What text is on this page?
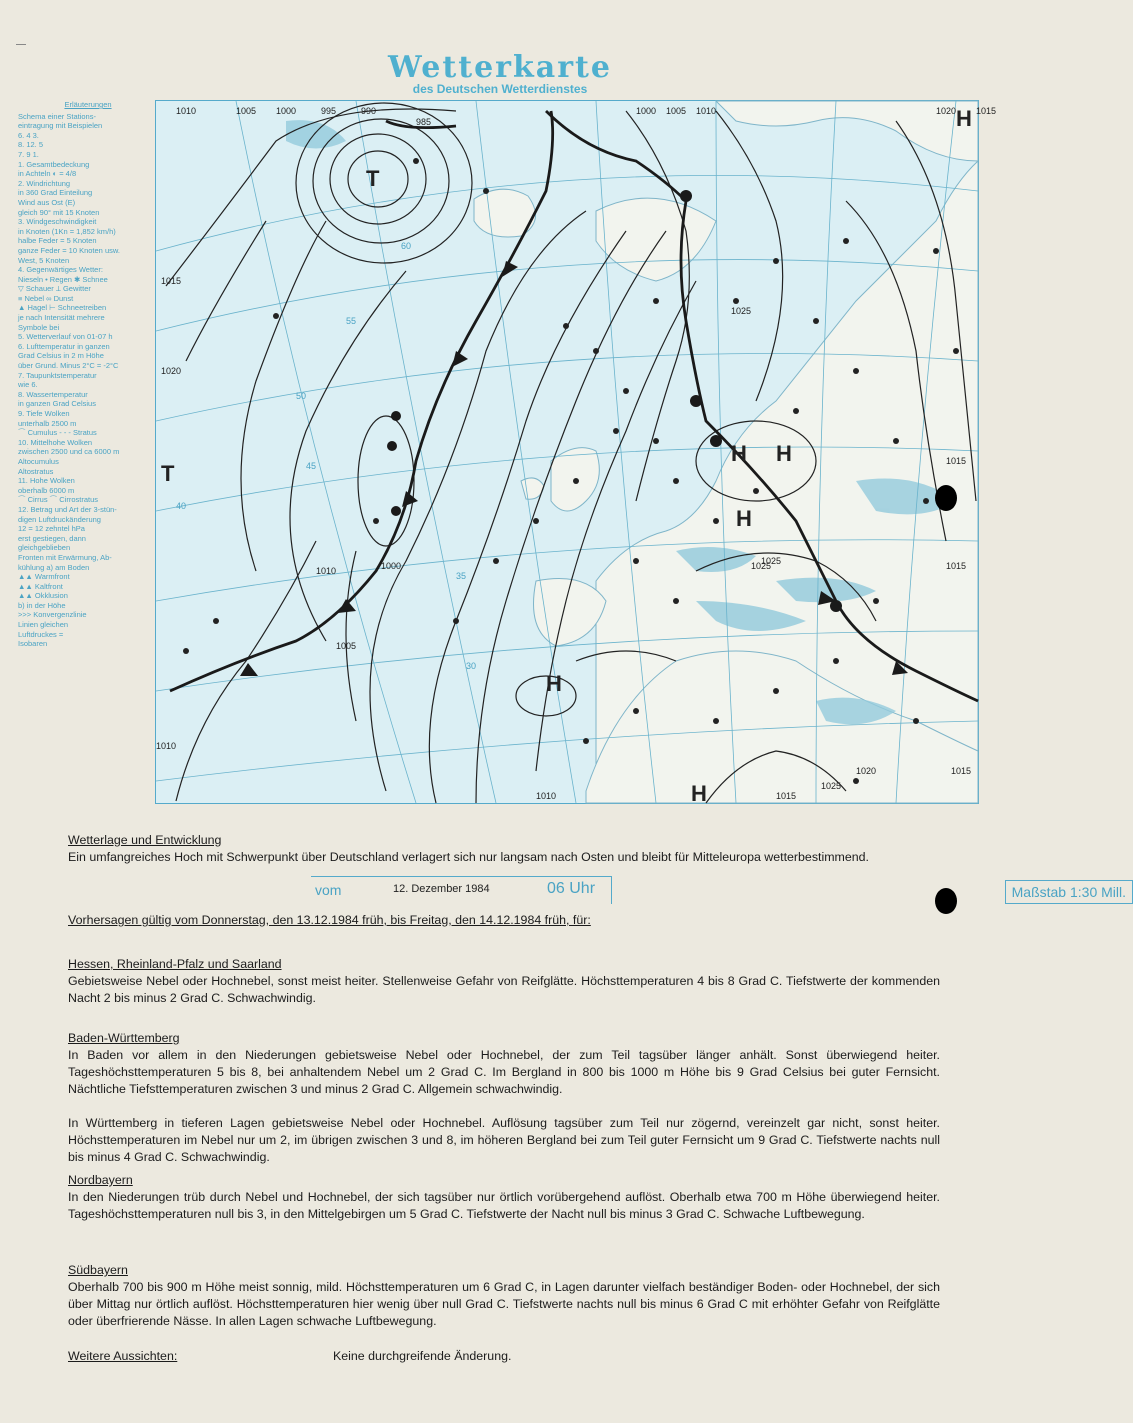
Wetterkarte
des Deutschen Wetterdienstes
Erläuterungen
Schema einer Stations-
eintragung mit Beispielen
6. 4 3.
8. 12. 5
7. 9 1.
1. Gesamtbedeckung
in Achteln ◐ = 4/8
2. Windrichtung
in 360 Grad Einteilung
Wind aus Ost (E)
gleich 90° mit 15 Knoten
3. Windgeschwindigkeit
in Knoten (1Kn = 1,852 km/h)
halbe Feder = 5 Knoten
ganze Feder = 10 Knoten usw.
West, 5 Knoten
4. Gegenwärtiges Wetter:
Nieseln • Regen ✱ Schnee
▽ Schauer ⟂ Gewitter
≡ Nebel ∞ Dunst
▲ Hagel ⊢ Schneetreiben
je nach Intensität mehrere
Symbole bei
5. Wetterverlauf von 01-07 h
6. Lufttemperatur in ganzen
Grad Celsius in 2 m Höhe
über Grund. Minus 2°C = -2°C
7. Taupunktstemperatur
wie 6.
8. Wassertemperatur
in ganzen Grad Celsius
9. Tiefe Wolken
unterhalb 2500 m
⌒ Cumulus - - - Stratus
10. Mittelhohe Wolken
zwischen 2500 und ca 6000 m
Altocumulus
Altostratus
11. Hohe Wolken
oberhalb 6000 m
⌒ Cirrus ⌒ Cirrostratus
12. Betrag und Art der 3-stün-
digen Luftdruckänderung
12 = 12 zehntel hPa
erst gestiegen, dann
gleichgeblieben
Fronten mit Erwärmung, Ab-
kühlung a) am Boden
▲▲ Warmfront
▲▲ Kaltfront
▲▲ Okklusion
b) in der Höhe
>>> Konvergenzlinie
Linien gleichen
Luftdruckes =
Isobaren
1010	1005 1000	995	990
985
1000 1005 1010	1015
1015
1020
1025
1025
1025
1020
1015
1015
1010
1005
1000
1010
1015
1020
1025
1015
1010
T
H
H
H
H
H
H
T
60
55
50
45
40
35
30
vom	12. Dezember 1984	06 Uhr	Maßstab 1:30 Mill.

Wetterlage und Entwicklung

Ein umfangreiches Hoch mit Schwerpunkt über Deutschland verlagert sich nur langsam nach Osten und bleibt für Mitteleuropa wetterbestimmend.

Vorhersagen gültig vom Donnerstag, den 13.12.1984 früh, bis Freitag, den 14.12.1984 früh, für:

Hessen, Rheinland-Pfalz und Saarland

Gebietsweise Nebel oder Hochnebel, sonst meist heiter. Stellenweise Gefahr von Reifglätte. Höchsttemperaturen 4 bis 8 Grad C. Tiefstwerte der kommenden Nacht 2 bis minus 2 Grad C. Schwachwindig.

Baden-Württemberg

In Baden vor allem in den Niederungen gebietsweise Nebel oder Hochnebel, der zum Teil tagsüber länger anhält. Sonst überwiegend heiter. Tageshöchsttemperaturen 5 bis 8, bei anhaltendem Nebel um 2 Grad C. Im Bergland in 800 bis 1000 m Höhe bis 9 Grad Celsius bei guter Fernsicht. Nächtliche Tiefsttemperaturen zwischen 3 und minus 2 Grad C. Allgemein schwachwindig.

In Württemberg in tieferen Lagen gebietsweise Nebel oder Hochnebel. Auflösung tagsüber zum Teil nur zögernd, vereinzelt gar nicht, sonst heiter. Höchsttemperaturen im Nebel nur um 2, im übrigen zwischen 3 und 8, im höheren Bergland bei zum Teil guter Fernsicht um 9 Grad C. Tiefstwerte nachts null bis minus 4 Grad C. Schwachwindig.

Nordbayern

In den Niederungen trüb durch Nebel und Hochnebel, der sich tagsüber nur örtlich vorübergehend auflöst. Oberhalb etwa 700 m Höhe überwiegend heiter. Tageshöchsttemperaturen null bis 3, in den Mittelgebirgen um 5 Grad C. Tiefstwerte der Nacht null bis minus 3 Grad C. Schwache Luftbewegung.

Südbayern

Oberhalb 700 bis 900 m Höhe meist sonnig, mild. Höchsttemperaturen um 6 Grad C, in Lagen darunter vielfach beständiger Boden- oder Hochnebel, der sich über Mittag nur örtlich auflöst. Höchsttemperaturen hier wenig über null Grad C. Tiefstwerte nachts null bis minus 6 Grad C mit erhöhter Gefahr von Reifglätte oder überfrierende Nässe. In allen Lagen schwache Luftbewegung.

Weitere Aussichten:	Keine durchgreifende Änderung.
